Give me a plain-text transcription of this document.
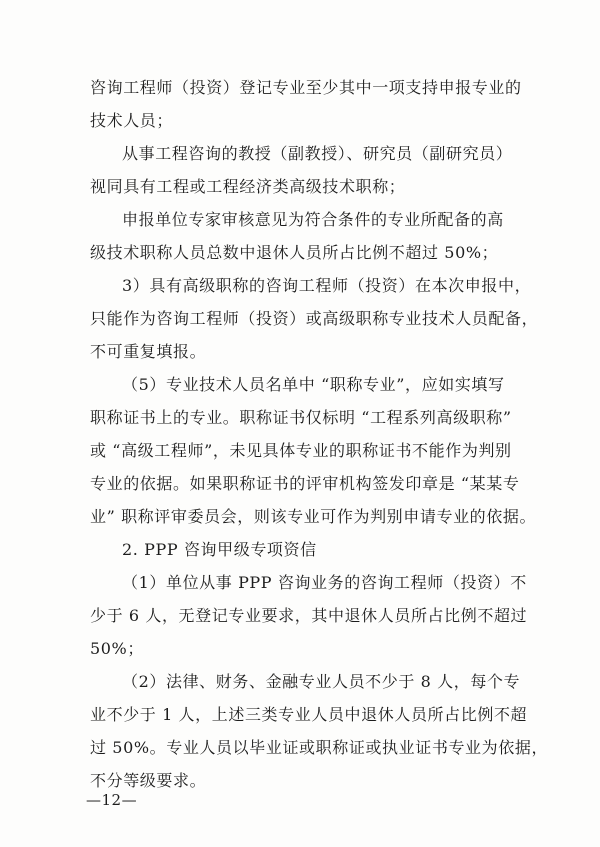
咨询工程师（投资）登记专业至少其中一项支持申报专业的
技术人员；
从事工程咨询的教授（副教授）、研究员（副研究员）
视同具有工程或工程经济类高级技术职称；
申报单位专家审核意见为符合条件的专业所配备的高
级技术职称人员总数中退休人员所占比例不超过 50%；
3）具有高级职称的咨询工程师（投资）在本次申报中，
只能作为咨询工程师（投资）或高级职称专业技术人员配备，
不可重复填报。
（5）专业技术人员名单中 “职称专业”，应如实填写
职称证书上的专业。职称证书仅标明 “工程系列高级职称”
或 “高级工程师”，未见具体专业的职称证书不能作为判别
专业的依据。如果职称证书的评审机构签发印章是 “某某专
业” 职称评审委员会，则该专业可作为判别申请专业的依据。
2. PPP 咨询甲级专项资信
（1）单位从事 PPP 咨询业务的咨询工程师（投资）不
少于 6 人，无登记专业要求，其中退休人员所占比例不超过
50%；
（2）法律、财务、金融专业人员不少于 8 人，每个专
业不少于 1 人，上述三类专业人员中退休人员所占比例不超
过 50%。专业人员以毕业证或职称证或执业证书专业为依据，
不分等级要求。
—12—
